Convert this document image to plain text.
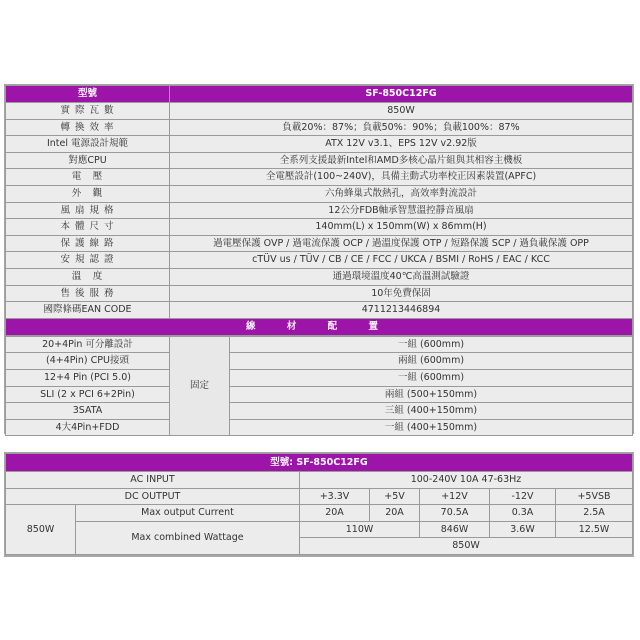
型號	SF-850C12FG
實 際 瓦 數	850W
轉 換 效 率	負載20%：87%；負載50%：90%；負載100%：87%
Intel 電源設計規範	ATX 12V v3.1、EPS 12V v2.92版
對應CPU	全系列支援最新Intel和AMD多核心晶片組與其相容主機板
電　壓	全電壓設計(100~240V)，具備主動式功率校正因素裝置(APFC)
外　觀	六角蜂巢式散熱孔，高效率對流設計
風 扇 規 格	12公分FDB軸承智慧溫控靜音風扇
本 體 尺 寸	140mm(L) x 150mm(W) x 86mm(H)
保 護 線 路	過電壓保護 OVP / 過電流保護 OCP / 過溫度保護 OTP / 短路保護 SCP / 過負載保護 OPP
安 規 認 證	cTÜV us / TÜV / CB / CE / FCC / UKCA / BSMI / RoHS / EAC / KCC
溫　度	通過環境溫度40℃高溫測試驗證
售 後 服 務	10年免費保固
國際條碼EAN CODE	4711213446894
線 材 配 置	
20+4Pin 可分離設計	固定	一組 (600mm)
(4+4Pin) CPU接頭		兩組 (600mm)
12+4 Pin (PCI 5.0)		一組 (600mm)
SLI (2 x PCI 6+2Pin)		兩組 (500+150mm)
3SATA		三組 (400+150mm)
4大4Pin+FDD		一組 (400+150mm)
型號: SF-850C12FG						
AC INPUT		100-240V 10A 47-63Hz				
DC OUTPUT		+3.3V	+5V	+12V	-12V	+5VSB
850W	Max output Current	20A	20A	70.5A	0.3A	2.5A
	Max combined Wattage	110W		846W	3.6W	12.5W
		850W				
